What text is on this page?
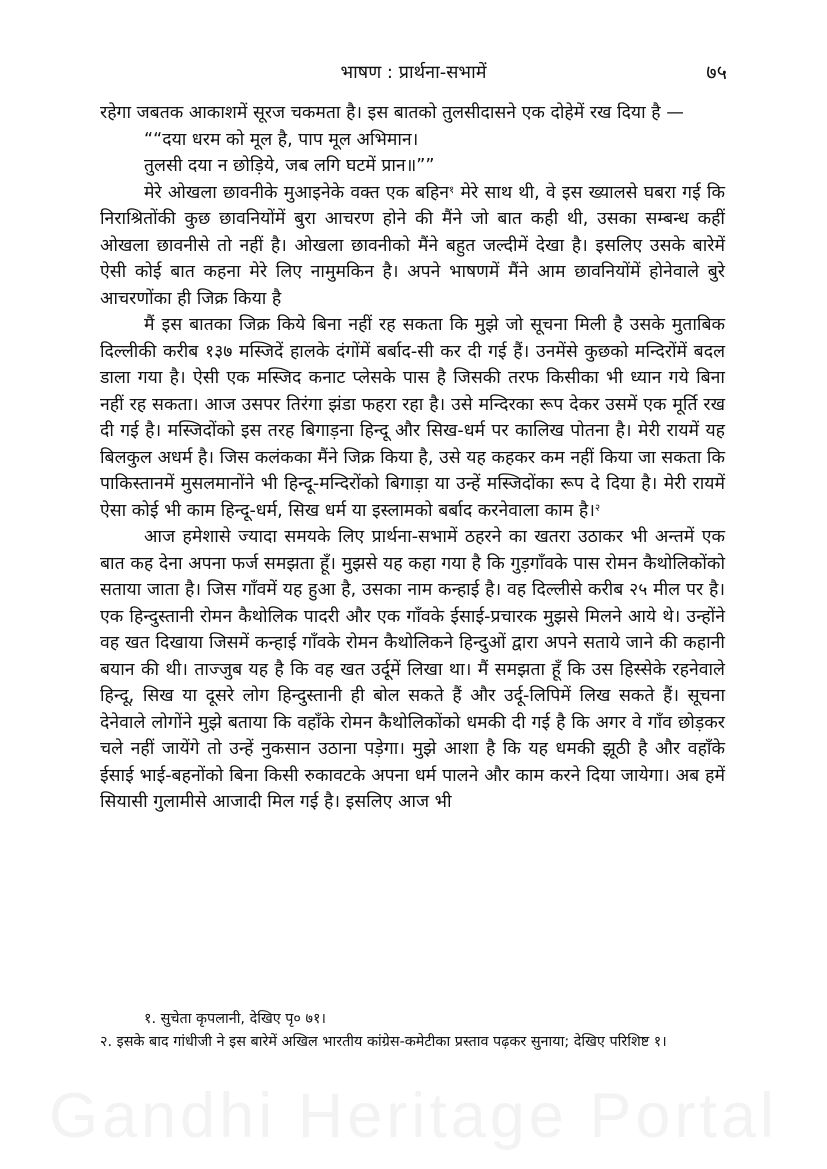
भाषण : प्रार्थना-सभामें	७५

रहेगा जबतक आकाशमें सूरज चकमता है। इस बातको तुलसीदासने एक दोहेमें रख दिया है —

““दया धरम को मूल है, पाप मूल अभिमान।
तुलसी दया न छोड़िये, जब लगि घटमें प्रान॥””

मेरे ओखला छावनीके मुआइनेके वक्त एक बहिन$^१$ मेरे साथ थी, वे इस ख्यालसे घबरा गई कि निराश्रितोंकी कुछ छावनियोंमें बुरा आचरण होने की मैंने जो बात कही थी, उसका सम्बन्ध कहीं ओखला छावनीसे तो नहीं है। ओखला छावनीको मैंने बहुत जल्दीमें देखा है। इसलिए उसके बारेमें ऐसी कोई बात कहना मेरे लिए नामुमकिन है। अपने भाषणमें मैंने आम छावनियोंमें होनेवाले बुरे आचरणोंका ही जिक्र किया है

मैं इस बातका जिक्र किये बिना नहीं रह सकता कि मुझे जो सूचना मिली है उसके मुताबिक दिल्लीकी करीब १३७ मस्जिदें हालके दंगोंमें बर्बाद-सी कर दी गई हैं। उनमेंसे कुछको मन्दिरोंमें बदल डाला गया है। ऐसी एक मस्जिद कनाट प्लेसके पास है जिसकी तरफ किसीका भी ध्यान गये बिना नहीं रह सकता। आज उसपर तिरंगा झंडा फहरा रहा है। उसे मन्दिरका रूप देकर उसमें एक मूर्ति रख दी गई है। मस्जिदोंको इस तरह बिगाड़ना हिन्दू और सिख-धर्म पर कालिख पोतना है। मेरी रायमें यह बिलकुल अधर्म है। जिस कलंकका मैंने जिक्र किया है, उसे यह कहकर कम नहीं किया जा सकता कि पाकिस्तानमें मुसलमानोंने भी हिन्दू-मन्दिरोंको बिगाड़ा या उन्हें मस्जिदोंका रूप दे दिया है। मेरी रायमें ऐसा कोई भी काम हिन्दू-धर्म, सिख धर्म या इस्लामको बर्बाद करनेवाला काम है।$^२$

आज हमेशासे ज्यादा समयके लिए प्रार्थना-सभामें ठहरने का खतरा उठाकर भी अन्तमें एक बात कह देना अपना फर्ज समझता हूँ। मुझसे यह कहा गया है कि गुड़गाँवके पास रोमन कैथोलिकोंको सताया जाता है। जिस गाँवमें यह हुआ है, उसका नाम कन्हाई है। वह दिल्लीसे करीब २५ मील पर है। एक हिन्दुस्तानी रोमन कैथोलिक पादरी और एक गाँवके ईसाई-प्रचारक मुझसे मिलने आये थे। उन्होंने वह खत दिखाया जिसमें कन्हाई गाँवके रोमन कैथोलिकने हिन्दुओं द्वारा अपने सताये जाने की कहानी बयान की थी। ताज्जुब यह है कि वह खत उर्दूमें लिखा था। मैं समझता हूँ कि उस हिस्सेके रहनेवाले हिन्दू, सिख या दूसरे लोग हिन्दुस्तानी ही बोल सकते हैं और उर्दू-लिपिमें लिख सकते हैं। सूचना देनेवाले लोगोंने मुझे बताया कि वहाँके रोमन कैथोलिकोंको धमकी दी गई है कि अगर वे गाँव छोड़कर चले नहीं जायेंगे तो उन्हें नुकसान उठाना पड़ेगा। मुझे आशा है कि यह धमकी झूठी है और वहाँके ईसाई भाई-बहनोंको बिना किसी रुकावटके अपना धर्म पालने और काम करने दिया जायेगा। अब हमें सियासी गुलामीसे आजादी मिल गई है। इसलिए आज भी

१. सुचेता कृपलानी, देखिए पृ० ७१।

२. इसके बाद गांधीजी ने इस बारेमें अखिल भारतीय कांग्रेस-कमेटीका प्रस्ताव पढ़कर सुनाया; देखिए परिशिष्ट १।

Gandhi Heritage Portal
